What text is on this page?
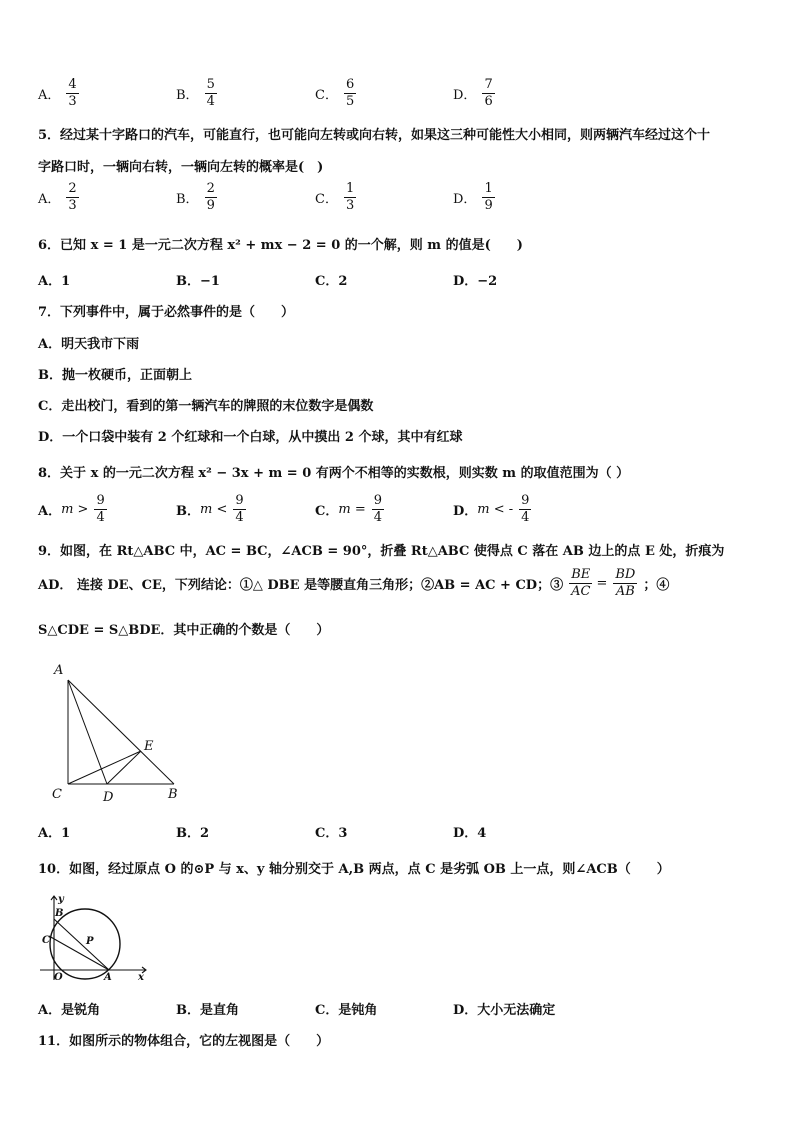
A． $\frac{4}{3}$	B． $\frac{5}{4}$	C． $\frac{6}{5}$	D． $\frac{7}{6}$
5．经过某十字路口的汽车，可能直行，也可能向左转或向右转，如果这三种可能性大小相同，则两辆汽车经过这个十
字路口时，一辆向右转，一辆向左转的概率是(　)
A． $\frac{2}{3}$	B． $\frac{2}{9}$	C． $\frac{1}{3}$	D． $\frac{1}{9}$
6．已知 x = 1 是一元二次方程 x² + mx − 2 = 0 的一个解，则 m 的值是(　　)
A．1	B．−1	C．2	D．−2
7．下列事件中，属于必然事件的是（　　）
A．明天我市下雨
B．抛一枚硬币，正面朝上
C．走出校门，看到的第一辆汽车的牌照的末位数字是偶数
D．一个口袋中装有 2 个红球和一个白球，从中摸出 2 个球，其中有红球
8．关于 x 的一元二次方程 x² − 3x + m = 0 有两个不相等的实数根，则实数 m 的取值范围为（ ）
A． $m > \frac{9}{4}$	B． $m < \frac{9}{4}$	C． $m = \frac{9}{4}$	D． m < - $\frac{9}{4}$
9．如图，在 Rt△ABC 中，AC = BC，∠ACB = 90°，折叠 Rt△ABC 使得点 C 落在 AB 边上的点 E 处，折痕为
AD． 连接 DE、CE，下列结论：①△ DBE 是等腰直角三角形；②AB = AC + CD；③ $\frac{BE}{AC} = \frac{BD}{AB}$ ；④
S△CDE = S△BDE．其中正确的个数是（　　）
A
C	D	B
E
A．1	B．2	C．3	D．4
10．如图，经过原点 O 的⊙P 与 x、y 轴分别交于 A,B 两点，点 C 是劣弧 OB 上一点，则∠ACB（　　）
y
B
C	P
O	A	x
A．是锐角	B．是直角	C．是钝角	D．大小无法确定
11．如图所示的物体组合，它的左视图是（　　）
